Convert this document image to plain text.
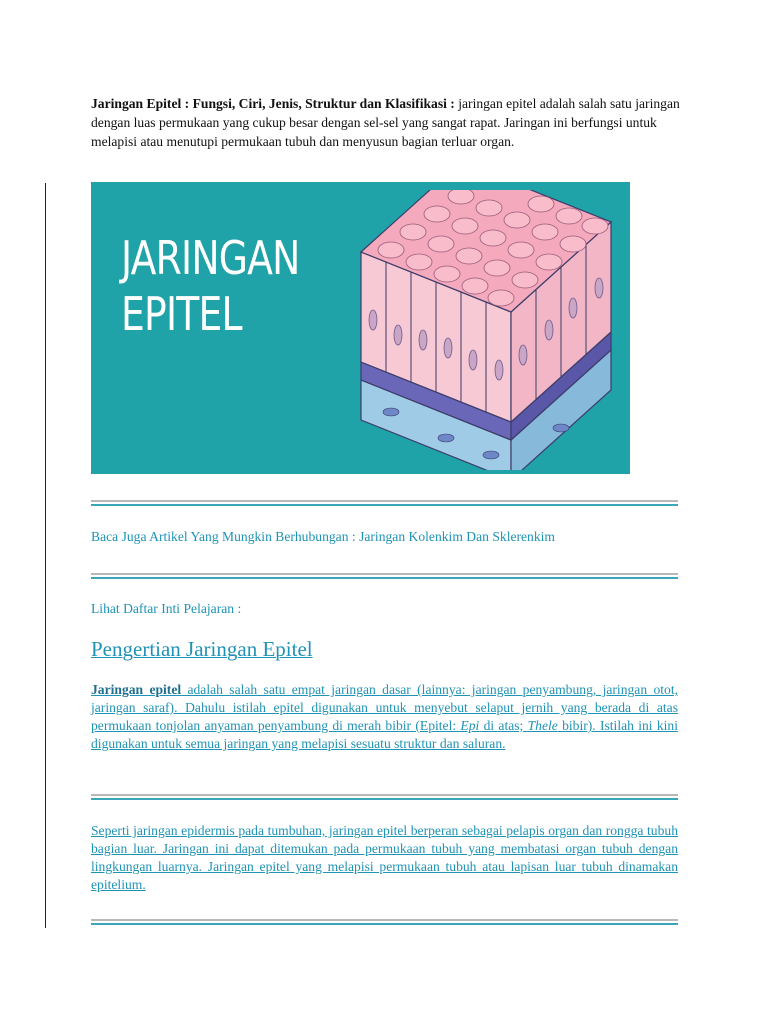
Jaringan Epitel : Fungsi, Ciri, Jenis, Struktur dan Klasifikasi : jaringan epitel adalah salah satu jaringan dengan luas permukaan yang cukup besar dengan sel-sel yang sangat rapat. Jaringan ini berfungsi untuk melapisi atau menutupi permukaan tubuh dan menyusun bagian terluar organ.

JARINGAN
EPITEL
Baca Juga Artikel Yang Mungkin Berhubungan : Jaringan Kolenkim Dan Sklerenkim
Lihat Daftar Inti Pelajaran :
Pengertian Jaringan Epitel

Jaringan epitel adalah salah satu empat jaringan dasar (lainnya: jaringan penyambung, jaringan otot, jaringan saraf). Dahulu istilah epitel digunakan untuk menyebut selaput jernih yang berada di atas permukaan tonjolan anyaman penyambung di merah bibir (Epitel: Epi di atas; Thele bibir). Istilah ini kini digunakan untuk semua jaringan yang melapisi sesuatu struktur dan saluran.

Seperti jaringan epidermis pada tumbuhan, jaringan epitel berperan sebagai pelapis organ dan rongga tubuh bagian luar. Jaringan ini dapat ditemukan pada permukaan tubuh yang membatasi organ tubuh dengan lingkungan luarnya. Jaringan epitel yang melapisi permukaan tubuh atau lapisan luar tubuh dinamakan epitelium.
